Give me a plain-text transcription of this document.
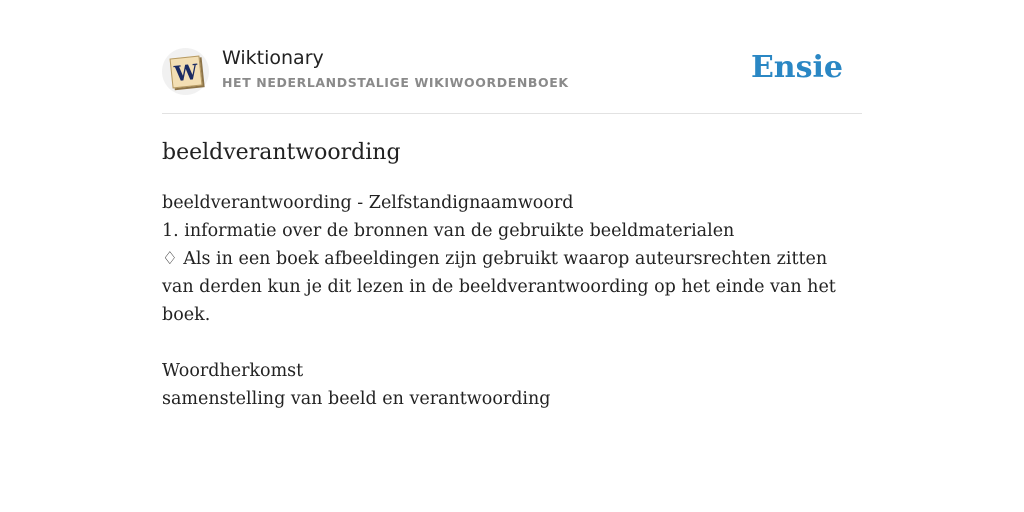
W Wiktionary
HET NEDERLANDSTALIGE WIKIWOORDENBOEK	Ensie
beeldverantwoording

beeldverantwoording - Zelfstandignaamwoord

1. informatie over de bronnen van de gebruikte beeldmaterialen

♢ Als in een boek afbeeldingen zijn gebruikt waarop auteursrechten zitten van derden kun je dit lezen in de beeldverantwoording op het einde van het boek.

Woordherkomst

samenstelling van beeld en verantwoording
